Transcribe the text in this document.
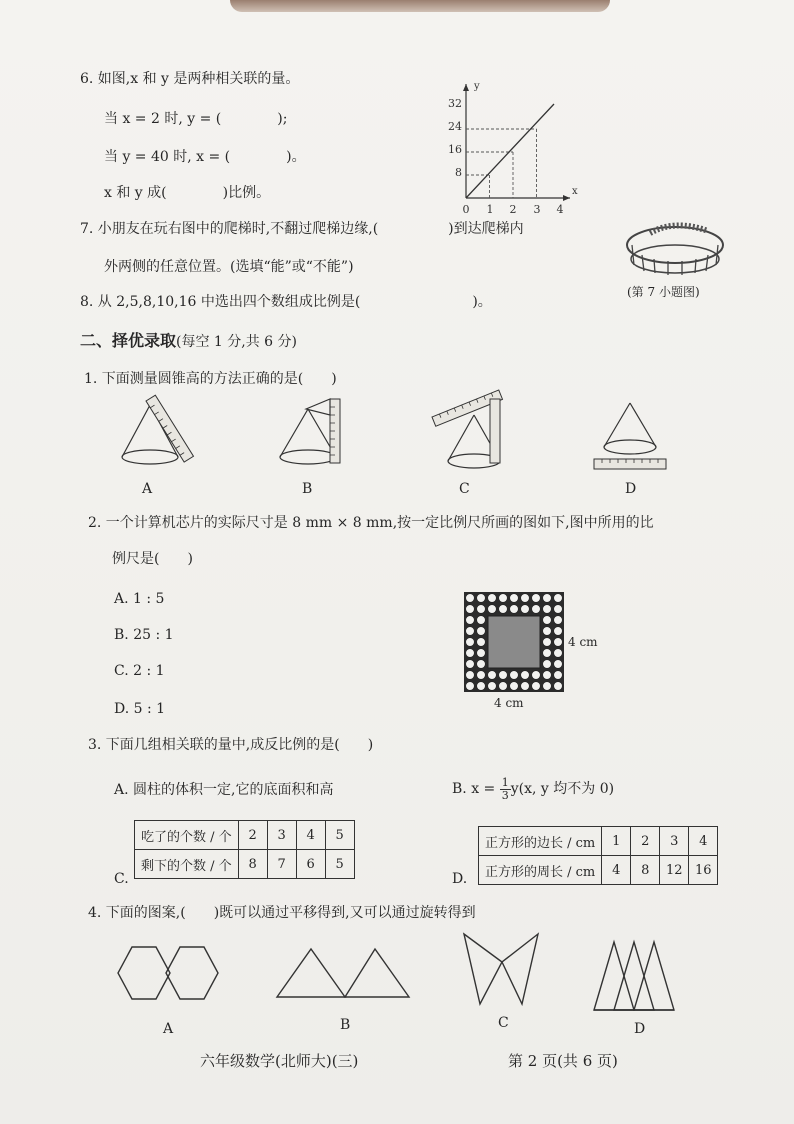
6. 如图,x 和 y 是两种相关联的量。
当 x = 2 时, y = (　　　　);
当 y = 40 时, x = (　　　　)。
x 和 y 成(　　　　)比例。
y
x
32
24
16
8
0 1 2 3 4
7. 小朋友在玩右图中的爬梯时,不翻过爬梯边缘,(　　　　　)到达爬梯内
外两侧的任意位置。(选填“能”或“不能”)
(第 7 小题图)
8. 从 2,5,8,10,16 中选出四个数组成比例是(　　　　　　　　)。
二、择优录取(每空 1 分,共 6 分)
1. 下面测量圆锥高的方法正确的是(　　)
A	B	C	D
2. 一个计算机芯片的实际尺寸是 8 mm × 8 mm,按一定比例尺所画的图如下,图中所用的比
例尺是(　　)
A. 1 : 5
B. 25 : 1
C. 2 : 1
D. 5 : 1
4 cm
4 cm
3. 下面几组相关联的量中,成反比例的是(　　)
A. 圆柱的体积一定,它的底面积和高	B. $x = \frac{1}{3} y(x$, y 均不为 0)
吃了的个数 / 个	2	3	4	5
剩下的个数 / 个	8	7	6	5
C.
正方形的边长 / cm	1	2	3	4
正方形的周长 / cm	4	8	12	16
D.
4. 下面的图案,(　　)既可以通过平移得到,又可以通过旋转得到
A	B	C	D
六年级数学(北师大)(三)	第 2 页(共 6 页)
